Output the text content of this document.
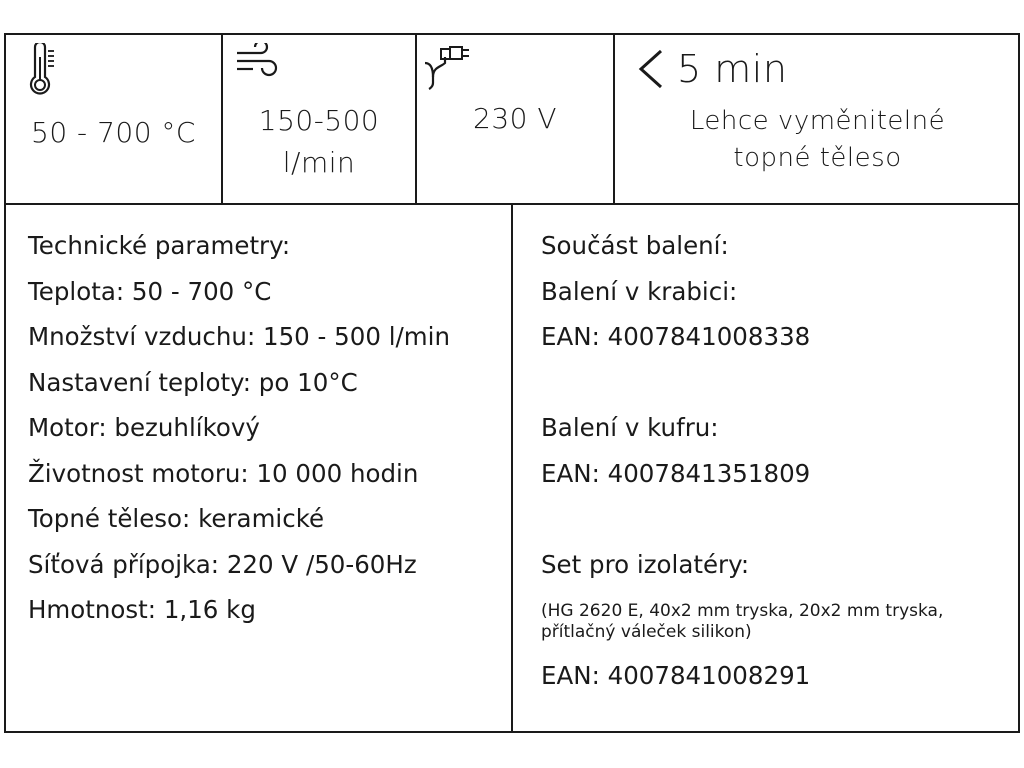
50 - 700 °C	150-500
l/min
230 V
5 min
Lehce vyměnitelné
topné těleso
Technické parametry:
Teplota: 50 - 700 °C
Množství vzduchu: 150 - 500 l/min
Nastavení teploty: po 10°C
Motor: bezuhlíkový
Životnost motoru: 10 000 hodin
Topné těleso: keramické
Síťová přípojka: 220 V /50-60Hz
Hmotnost: 1,16 kg
Součást balení:
Balení v krabici:
EAN: 4007841008338
Balení v kufru:
EAN: 4007841351809
Set pro izolatéry:
(HG 2620 E, 40x2 mm tryska, 20x2 mm tryska, přítlačný váleček silikon)
EAN: 4007841008291
